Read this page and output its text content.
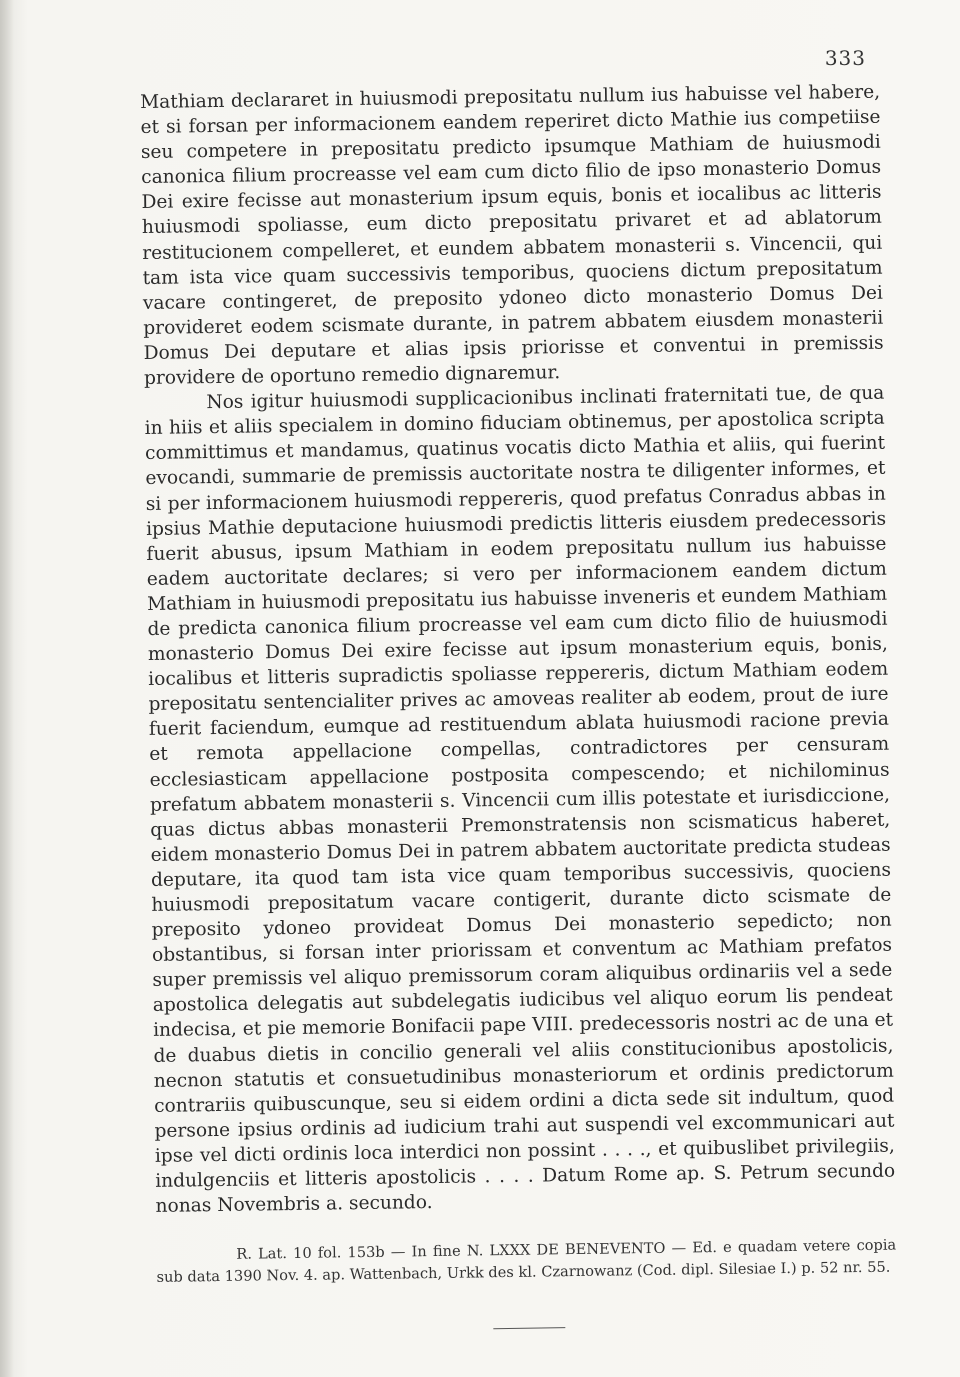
333

Mathiam declararet in huiusmodi prepositatu nullum ius habuisse vel habere, et si forsan per informacionem eandem reperiret dicto Mathie ius competiise seu competere in prepositatu predicto ipsumque Mathiam de huiusmodi canonica filium procreasse vel eam cum dicto filio de ipso monasterio Domus Dei exire fecisse aut monasterium ipsum equis, bonis et iocalibus ac litteris huiusmodi spoliasse, eum dicto prepositatu privaret et ad ablatorum restitucionem compelleret, et eundem abbatem monasterii s. Vincencii, qui tam ista vice quam successivis temporibus, quociens dictum prepositatum vacare contingeret, de preposito ydoneo dicto monasterio Domus Dei provideret eodem scismate durante, in patrem abbatem eiusdem monasterii Domus Dei deputare et alias ipsis priorisse et conventui in premissis providere de oportuno remedio dignaremur.

Nos igitur huiusmodi supplicacionibus inclinati fraternitati tue, de qua in hiis et aliis specialem in domino fiduciam obtinemus, per apostolica scripta committimus et mandamus, quatinus vocatis dicto Mathia et aliis, qui fuerint evocandi, summarie de premissis auctoritate nostra te diligenter informes, et si per informacionem huiusmodi reppereris, quod prefatus Conradus abbas in ipsius Mathie deputacione huiusmodi predictis litteris eiusdem predecessoris fuerit abusus, ipsum Mathiam in eodem prepositatu nullum ius habuisse eadem auctoritate declares; si vero per informacionem eandem dictum Mathiam in huiusmodi prepositatu ius habuisse inveneris et eundem Mathiam de predicta canonica filium procreasse vel eam cum dicto filio de huiusmodi monasterio Domus Dei exire fecisse aut ipsum monasterium equis, bonis, iocalibus et litteris supradictis spoliasse reppereris, dictum Mathiam eodem prepositatu sentencialiter prives ac amoveas realiter ab eodem, prout de iure fuerit faciendum, eumque ad restituendum ablata huiusmodi racione previa et remota appellacione compellas, contradictores per censuram ecclesiasticam appellacione postposita compescendo; et nichilominus prefatum abbatem monasterii s. Vincencii cum illis potestate et iurisdiccione, quas dictus abbas monasterii Premonstratensis non scismaticus haberet, eidem monasterio Domus Dei in patrem abbatem auctoritate predicta studeas deputare, ita quod tam ista vice quam temporibus successivis, quociens huiusmodi prepositatum vacare contigerit, durante dicto scismate de preposito ydoneo provideat Domus Dei monasterio sepedicto; non obstantibus, si forsan inter priorissam et conventum ac Mathiam prefatos super premissis vel aliquo premissorum coram aliquibus ordinariis vel a sede apostolica delegatis aut subdelegatis iudicibus vel aliquo eorum lis pendeat indecisa, et pie memorie Bonifacii pape VIII. predecessoris nostri ac de una et de duabus dietis in concilio generali vel aliis constitucionibus apostolicis, necnon statutis et consuetudinibus monasteriorum et ordinis predictorum contrariis quibuscunque, seu si eidem ordini a dicta sede sit indultum, quod persone ipsius ordinis ad iudicium trahi aut suspendi vel excommunicari aut ipse vel dicti ordinis loca interdici non possint . . . ., et quibuslibet privilegiis, indulgenciis et litteris apostolicis . . . . Datum Rome ap. S. Petrum secundo nonas Novembris a. secundo.

R. Lat. 10 fol. 153b — In fine N. LXXX DE BENEVENTO — Ed. e quadam vetere copia sub data 1390 Nov. 4. ap. Wattenbach, Urkk des kl. Czarnowanz (Cod. dipl. Silesiae I.) p. 52 nr. 55.
